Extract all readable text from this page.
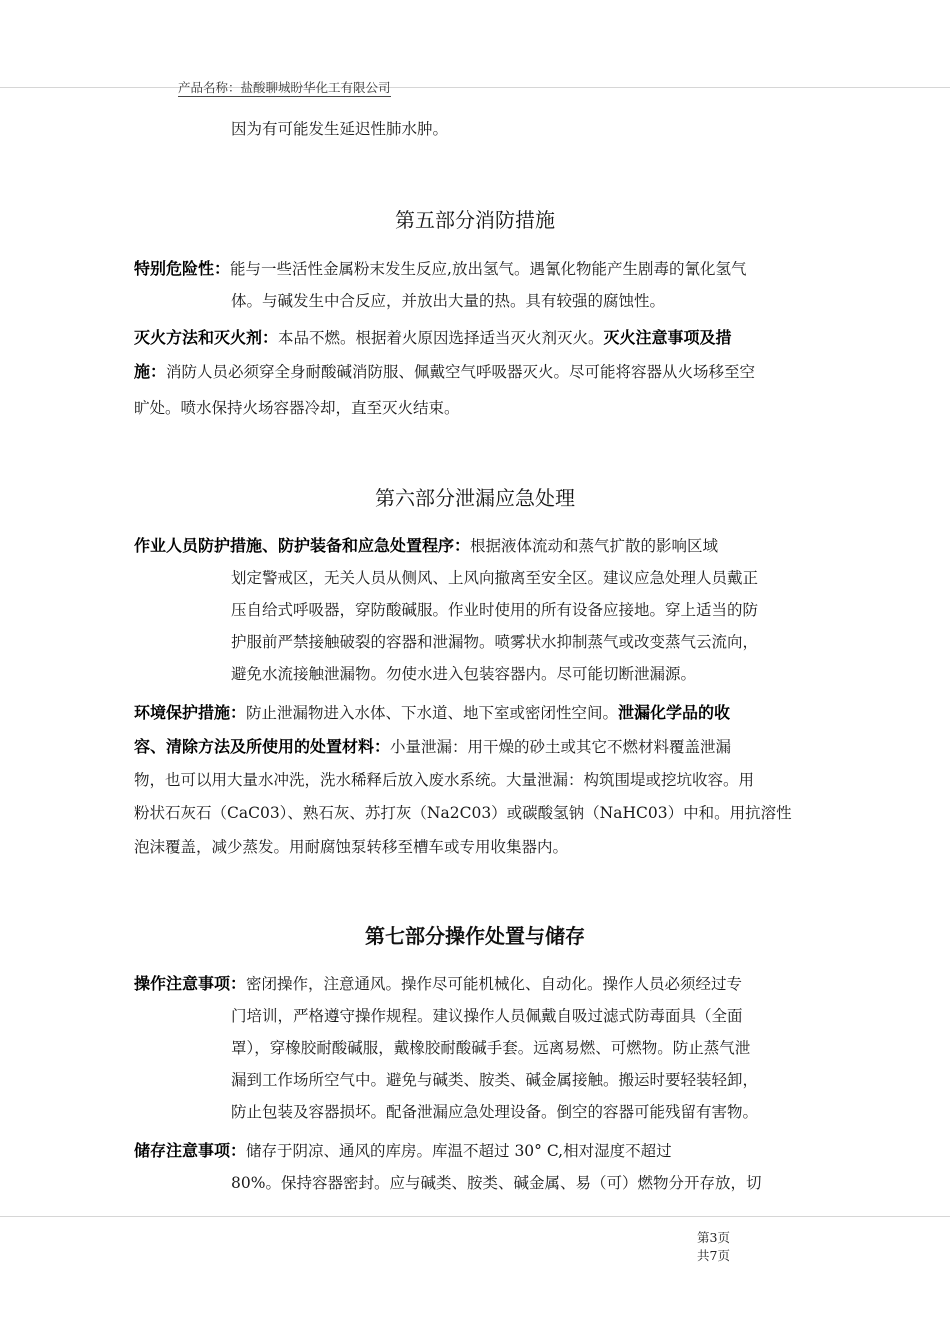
产品名称：盐酸聊城盼华化工有限公司
因为有可能发生延迟性肺水肿。
第五部分消防措施
特别危险性：能与一些活性金属粉末发生反应,放出氢气。遇氰化物能产生剧毒的氰化氢气
体。与碱发生中合反应，并放出大量的热。具有较强的腐蚀性。
灭火方法和灭火剂：本品不燃。根据着火原因选择适当灭火剂灭火。灭火注意事项及措
施：消防人员必须穿全身耐酸碱消防服、佩戴空气呼吸器灭火。尽可能将容器从火场移至空
旷处。喷水保持火场容器冷却，直至灭火结束。
第六部分泄漏应急处理
作业人员防护措施、防护装备和应急处置程序：根据液体流动和蒸气扩散的影响区域
划定警戒区，无关人员从侧风、上风向撤离至安全区。建议应急处理人员戴正
压自给式呼吸器，穿防酸碱服。作业时使用的所有设备应接地。穿上适当的防
护服前严禁接触破裂的容器和泄漏物。喷雾状水抑制蒸气或改变蒸气云流向，
避免水流接触泄漏物。勿使水进入包装容器内。尽可能切断泄漏源。
环境保护措施：防止泄漏物进入水体、下水道、地下室或密闭性空间。泄漏化学品的收
容、清除方法及所使用的处置材料：小量泄漏：用干燥的砂土或其它不燃材料覆盖泄漏
物，也可以用大量水冲洗，洗水稀释后放入废水系统。大量泄漏：构筑围堤或挖坑收容。用
粉状石灰石（CaC03）、熟石灰、苏打灰（Na2C03）或碳酸氢钠（NaHC03）中和。用抗溶性
泡沫覆盖，减少蒸发。用耐腐蚀泵转移至槽车或专用收集器内。
第七部分操作处置与储存
操作注意事项：密闭操作，注意通风。操作尽可能机械化、自动化。操作人员必须经过专
门培训，严格遵守操作规程。建议操作人员佩戴自吸过滤式防毒面具（全面
罩），穿橡胶耐酸碱服，戴橡胶耐酸碱手套。远离易燃、可燃物。防止蒸气泄
漏到工作场所空气中。避免与碱类、胺类、碱金属接触。搬运时要轻装轻卸，
防止包装及容器损坏。配备泄漏应急处理设备。倒空的容器可能残留有害物。
储存注意事项：储存于阴凉、通风的库房。库温不超过 30° C,相对湿度不超过
80%。保持容器密封。应与碱类、胺类、碱金属、易（可）燃物分开存放，切
第3页
共7页
